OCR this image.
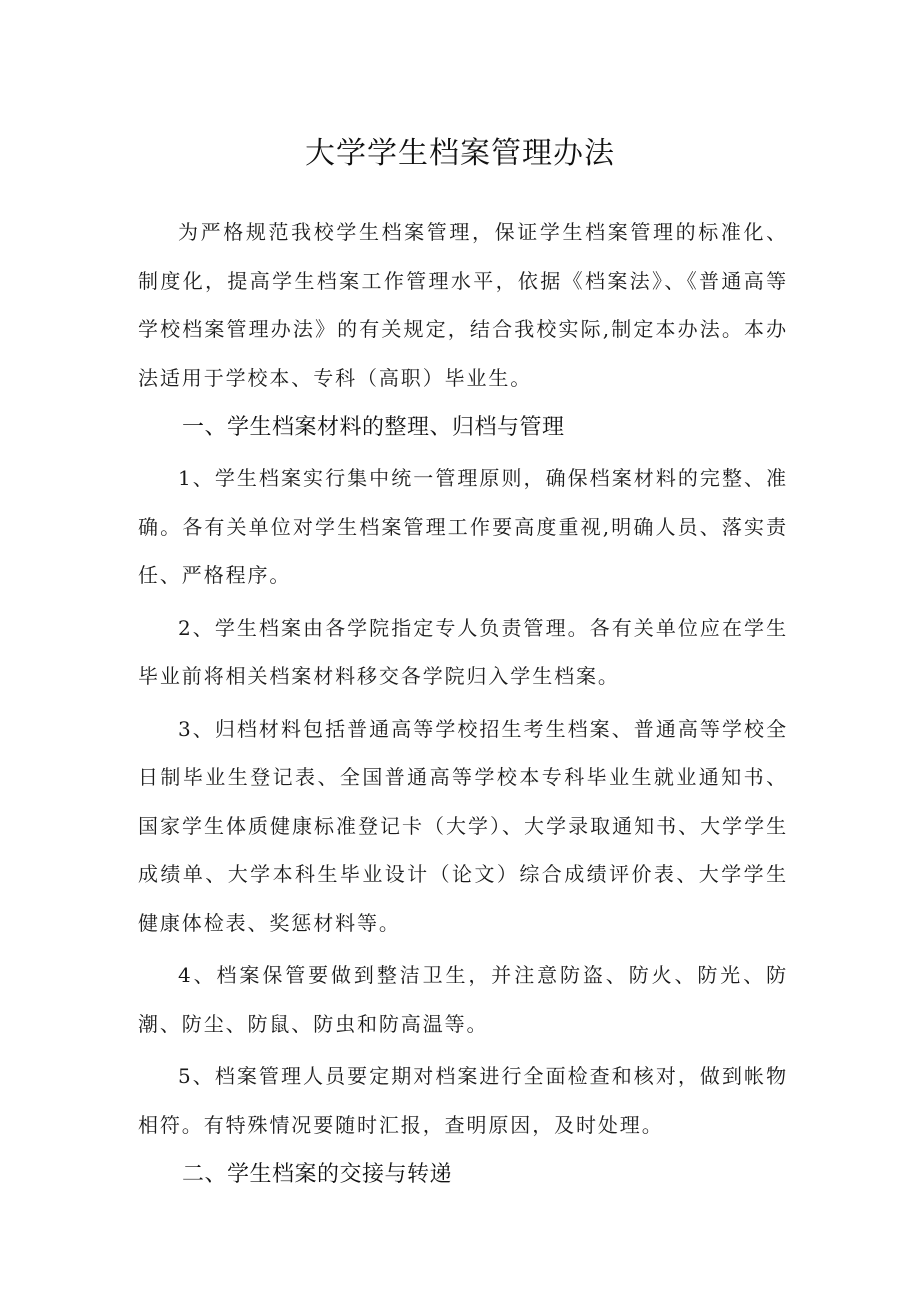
大学学生档案管理办法

为严格规范我校学生档案管理，保证学生档案管理的标准化、制度化，提高学生档案工作管理水平，依据《档案法》、《普通高等学校档案管理办法》的有关规定，结合我校实际,制定本办法。本办法适用于学校本、专科（高职）毕业生。

一、学生档案材料的整理、归档与管理

1、学生档案实行集中统一管理原则，确保档案材料的完整、准确。各有关单位对学生档案管理工作要高度重视,明确人员、落实责任、严格程序。

2、学生档案由各学院指定专人负责管理。各有关单位应在学生毕业前将相关档案材料移交各学院归入学生档案。

3、归档材料包括普通高等学校招生考生档案、普通高等学校全日制毕业生登记表、全国普通高等学校本专科毕业生就业通知书、国家学生体质健康标准登记卡（大学）、大学录取通知书、大学学生成绩单、大学本科生毕业设计（论文）综合成绩评价表、大学学生健康体检表、奖惩材料等。

4、档案保管要做到整洁卫生，并注意防盗、防火、防光、防潮、防尘、防鼠、防虫和防高温等。

5、档案管理人员要定期对档案进行全面检查和核对，做到帐物相符。有特殊情况要随时汇报，查明原因，及时处理。

二、学生档案的交接与转递
